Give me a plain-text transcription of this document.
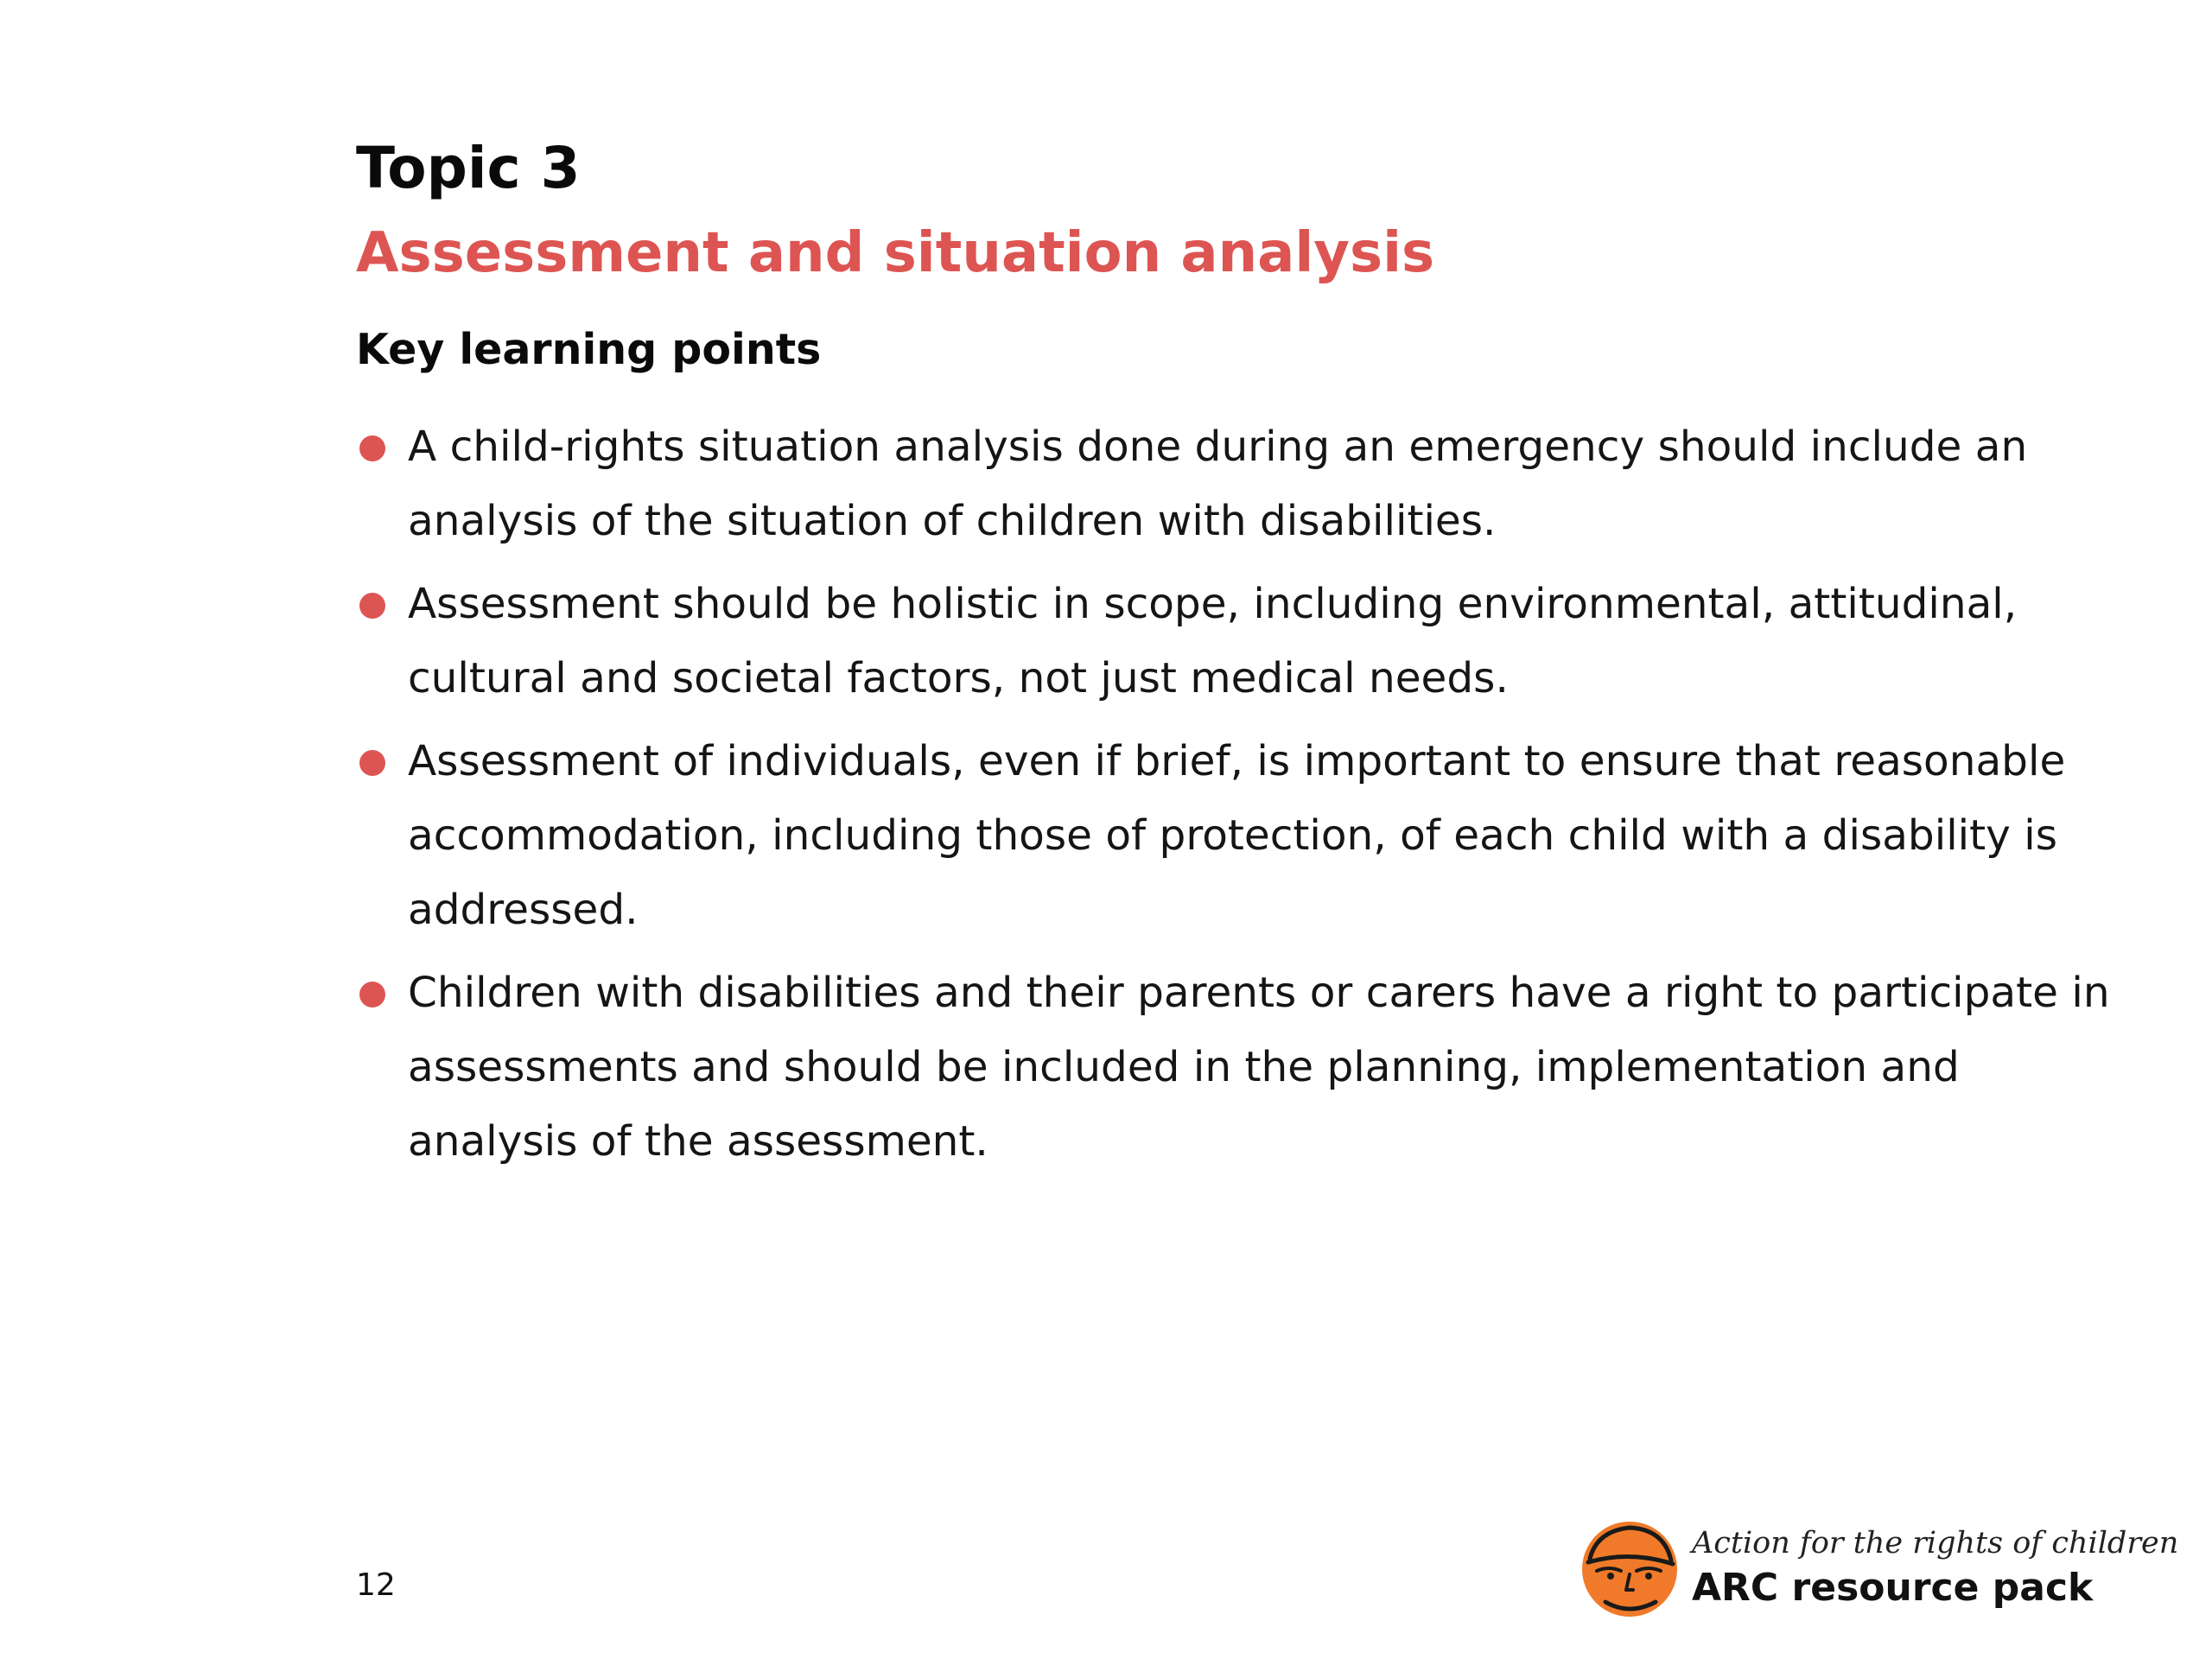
Topic 3
Assessment and situation analysis
Key learning points
A child-rights situation analysis done during an emergency should include an analysis of the situation of children with disabilities.
Assessment should be holistic in scope, including environmental, attitudinal, cultural and societal factors, not just medical needs.
Assessment of individuals, even if brief, is important to ensure that reasonable accommodation, including those of protection, of each child with a disability is addressed.
Children with disabilities and their parents or carers have a right to participate in assessments and should be included in the planning, implementation and analysis of the assessment.
12
Action for the rights of children
ARC resource pack
